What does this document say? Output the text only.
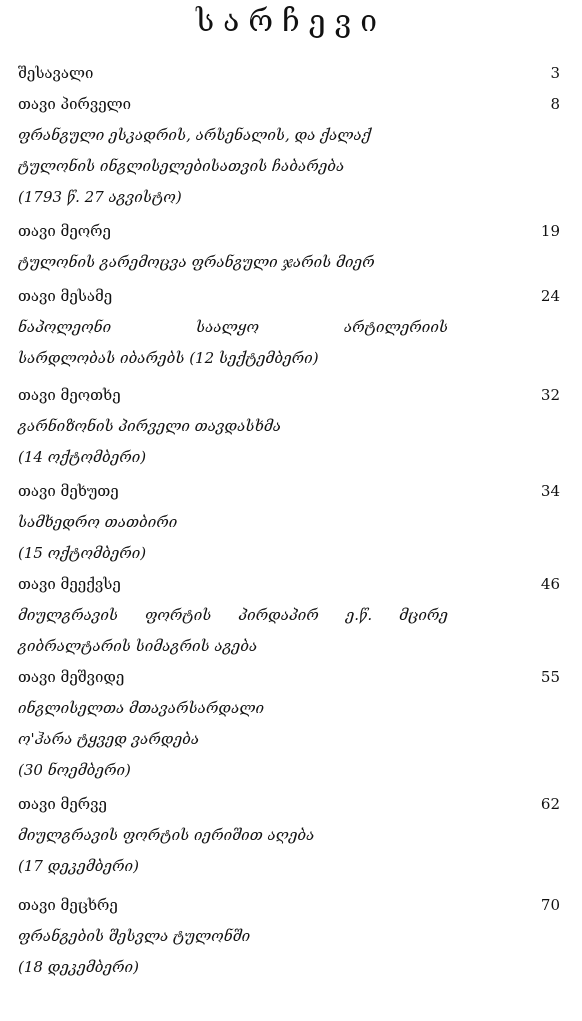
სარჩევი
შესავალი	3
თავი პირველი	8
ფრანგული ესკადრის, არსენალის, და ქალაქ
ტულონის ინგლისელებისათვის ჩაბარება
(1793 წ. 27 აგვისტო)
თავი მეორე	19
ტულონის გარემოცვა ფრანგული ჯარის მიერ
თავი მესამე	24
ნაპოლეონი	საალყო	არტილერიის
სარდლობას იბარებს (12 სექტემბერი)
თავი მეოთხე	32
გარნიზონის პირველი თავდასხმა
(14 ოქტომბერი)
თავი მეხუთე	34
სამხედრო თათბირი
(15 ოქტომბერი)
თავი მეექვსე	46
მიულგრავის ფორტის პირდაპირ ე.წ. მცირე
გიბრალტარის სიმაგრის აგება
თავი მეშვიდე	55
ინგლისელთა მთავარსარდალი
ო'ჰარა ტყვედ ვარდება
(30 ნოემბერი)
თავი მერვე	62
მიულგრავის ფორტის იერიშით აღება
(17 დეკემბერი)
თავი მეცხრე	70
ფრანგების შესვლა ტულონში
(18 დეკემბერი)
